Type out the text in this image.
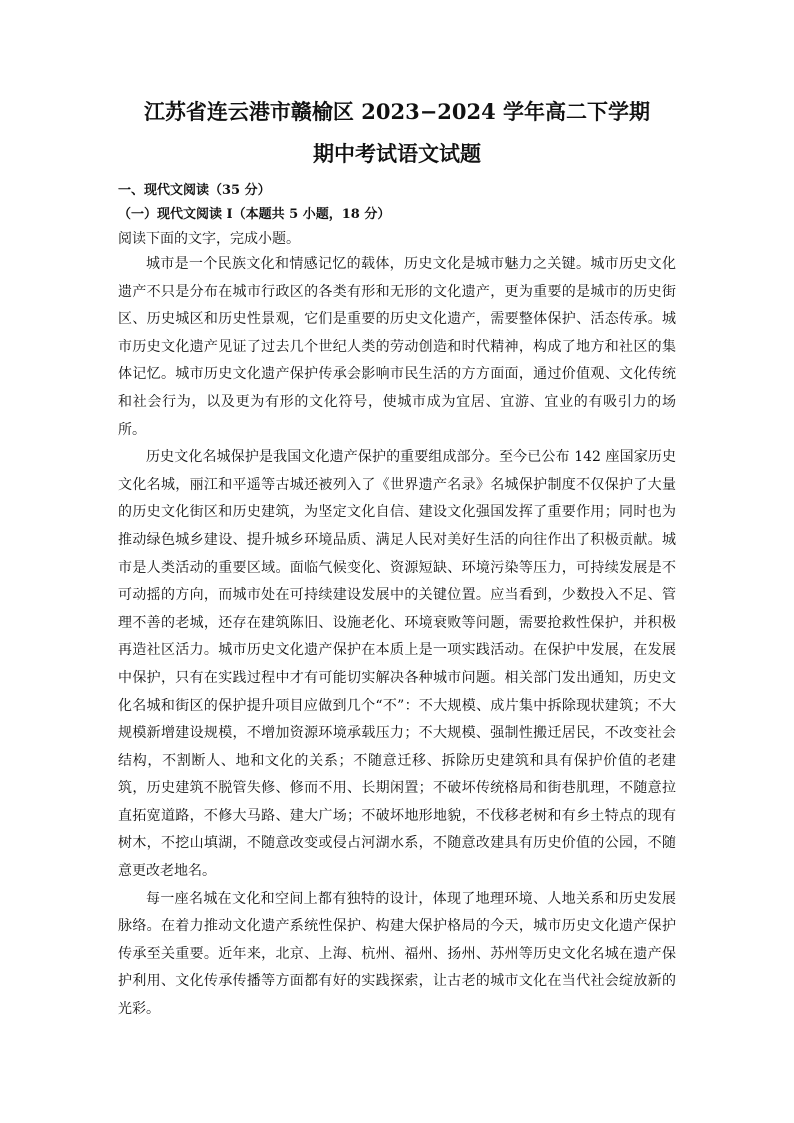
江苏省连云港市赣榆区 2023−2024 学年高二下学期
期中考试语文试题
一、现代文阅读（35 分）
（一）现代文阅读 I（本题共 5 小题，18 分）
阅读下面的文字，完成小题。

城市是一个民族文化和情感记忆的载体，历史文化是城市魅力之关键。城市历史文化遗产不只是分布在城市行政区的各类有形和无形的文化遗产，更为重要的是城市的历史街区、历史城区和历史性景观，它们是重要的历史文化遗产，需要整体保护、活态传承。城市历史文化遗产见证了过去几个世纪人类的劳动创造和时代精神，构成了地方和社区的集体记忆。城市历史文化遗产保护传承会影响市民生活的方方面面，通过价值观、文化传统和社会行为，以及更为有形的文化符号，使城市成为宜居、宜游、宜业的有吸引力的场所。

历史文化名城保护是我国文化遗产保护的重要组成部分。至今已公布 142 座国家历史文化名城，丽江和平遥等古城还被列入了《世界遗产名录》名城保护制度不仅保护了大量的历史文化街区和历史建筑，为坚定文化自信、建设文化强国发挥了重要作用；同时也为推动绿色城乡建设、提升城乡环境品质、满足人民对美好生活的向往作出了积极贡献。城市是人类活动的重要区域。面临气候变化、资源短缺、环境污染等压力，可持续发展是不可动摇的方向，而城市处在可持续建设发展中的关键位置。应当看到，少数投入不足、管理不善的老城，还存在建筑陈旧、设施老化、环境衰败等问题，需要抢救性保护，并积极再造社区活力。城市历史文化遗产保护在本质上是一项实践活动。在保护中发展，在发展中保护，只有在实践过程中才有可能切实解决各种城市问题。相关部门发出通知，历史文化名城和街区的保护提升项目应做到几个“不”：不大规模、成片集中拆除现状建筑；不大规模新增建设规模，不增加资源环境承载压力；不大规模、强制性搬迁居民，不改变社会结构，不割断人、地和文化的关系；不随意迁移、拆除历史建筑和具有保护价值的老建筑，历史建筑不脱管失修、修而不用、长期闲置；不破坏传统格局和街巷肌理，不随意拉直拓宽道路，不修大马路、建大广场；不破坏地形地貌，不伐移老树和有乡土特点的现有树木，不挖山填湖，不随意改变或侵占河湖水系，不随意改建具有历史价值的公园，不随意更改老地名。

每一座名城在文化和空间上都有独特的设计，体现了地理环境、人地关系和历史发展脉络。在着力推动文化遗产系统性保护、构建大保护格局的今天，城市历史文化遗产保护传承至关重要。近年来，北京、上海、杭州、福州、扬州、苏州等历史文化名城在遗产保护利用、文化传承传播等方面都有好的实践探索，让古老的城市文化在当代社会绽放新的光彩。
